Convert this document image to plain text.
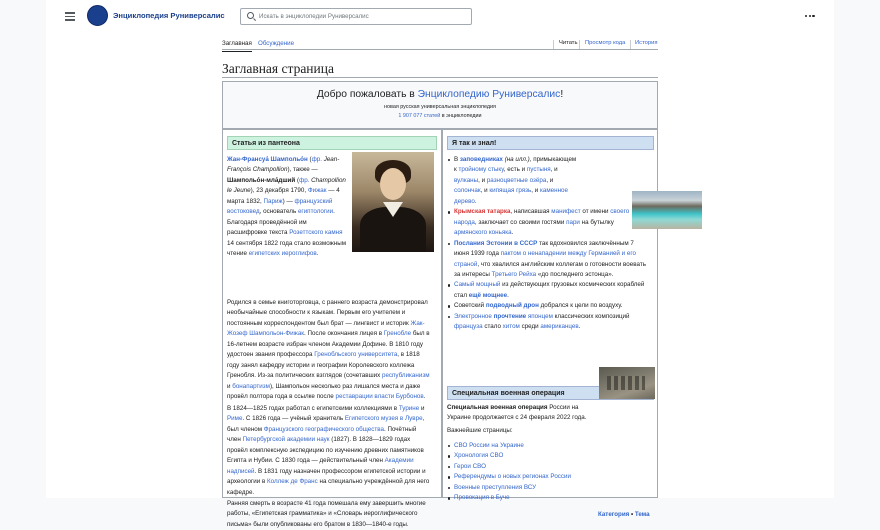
Энциклопедия Руниверсалис	Искать в энциклопедии Руниверсалис
Заглавная Обсуждение	Читать	Просмотр кода	История
Заглавная страница
Добро пожаловать в Энциклопедию Руниверсалис!
новая русская универсальная энциклопедия
1 907 077 статей в энциклопедии
Статья из пантеона

Жан-Франсуа́ Шампольо́н (фр. Jean-

François Champollion), также —

Шампольо́н-мла́дший (фр. Champollion

le Jeune), 23 декабря 1790, Фижак — 4

марта 1832, Париж) — французский

востоковед, основатель египтологии.

Благодаря проведённой им

расшифровке текста Розеттского камня

14 сентября 1822 года стало возможным

чтение египетских иероглифов.

Родился в семье книготорговца, с раннего возраста демонстрировал

необычайные способности к языкам. Первым его учителем и

постоянным корреспондентом был брат — лингвист и историк Жак-

Жозеф Шампольон-Фижак. После окончания лицея в Гренобле был в

16-летнем возрасте избран членом Академии Дофине. В 1810 году

удостоен звания профессора Гренобльского университета, в 1818

году занял кафедру истории и географии Королевского коллежа

Гренобля. Из-за политических взглядов (сочетавших республиканизм

и бонапартизм), Шампольон несколько раз лишался места и даже

провёл полтора года в ссылке после реставрации власти Бурбонов.

В 1824—1825 годах работал с египетскими коллекциями в Турине и

Риме. С 1826 года — учёный хранитель Египетского музея в Лувре,

был членом Французского географического общества. Почётный

член Петербургской академии наук (1827). В 1828—1829 годах

провёл комплексную экспедицию по изучению древних памятников

Египта и Нубии. С 1830 года — действительный член Академии

надписей. В 1831 году назначен профессором египетской истории и

археологии в Коллеж де Франс на специально учреждённой для него

кафедре.

Ранняя смерть в возрасте 41 года помешала ему завершить многие

работы, «Египетская грамматика» и «Словарь иероглифического

письма» были опубликованы его братом в 1830—1840-е годы.

Я так и знал!
В заповедниках (на илл.), примыкающем
к тройному стыку, есть и пустыня, и
вулканы, и разноцветные озёра, и
солончак, и кипящая грязь, и каменное
дерево.
Крымская татарка, написавшая манифест от имени своего
народа, заключает со своими гостями пари на бутылку
армянского коньяка.
Послания Эстонии в СССР так вдохновился заключённым 7
июня 1939 года пактом о ненападении между Германией и его
страной, что хвалился английским коллегам о готовности воевать
за интересы Третьего Рейха «до последнего эстонца».
Самый мощный из действующих грузовых космических кораблей
стал ещё мощнее.
Советский подводный дрон добрался к цели по воздуху.
Электронное прочтение японцем классических композиций
француза стало хитом среди американцев.
Специальная военная операция

Специальная военная операция России на

Украине продолжается с 24 февраля 2022 года.

Важнейшие страницы:
СВО России на Украине
Хронология СВО
Герои СВО
Референдумы о новых регионах России
Военные преступления ВСУ
Провокация в Буче
Категория • Тема
